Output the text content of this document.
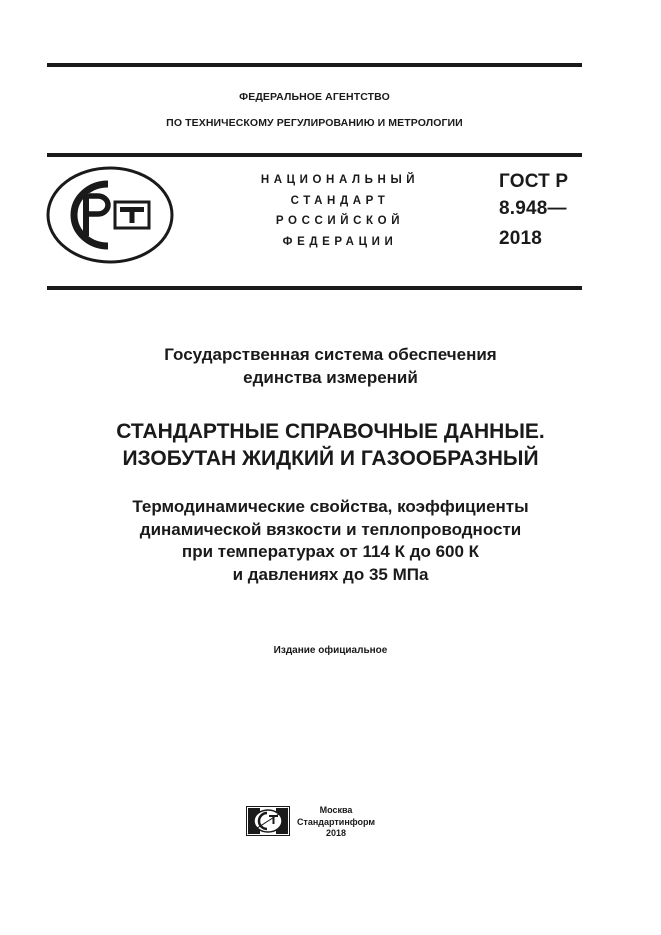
ФЕДЕРАЛЬНОЕ АГЕНТСТВО
ПО ТЕХНИЧЕСКОМУ РЕГУЛИРОВАНИЮ И МЕТРОЛОГИИ
НАЦИОНАЛЬНЫЙ
СТАНДАРТ
РОССИЙСКОЙ
ФЕДЕРАЦИИ
ГОСТ Р
8.948—
2018
Государственная система обеспечения
единства измерений
СТАНДАРТНЫЕ СПРАВОЧНЫЕ ДАННЫЕ.
ИЗОБУТАН ЖИДКИЙ И ГАЗООБРАЗНЫЙ
Термодинамические свойства, коэффициенты
динамической вязкости и теплопроводности
при температурах от 114 К до 600 К
и давлениях до 35 МПа
Издание официальное
Москва
Стандартинформ
2018
